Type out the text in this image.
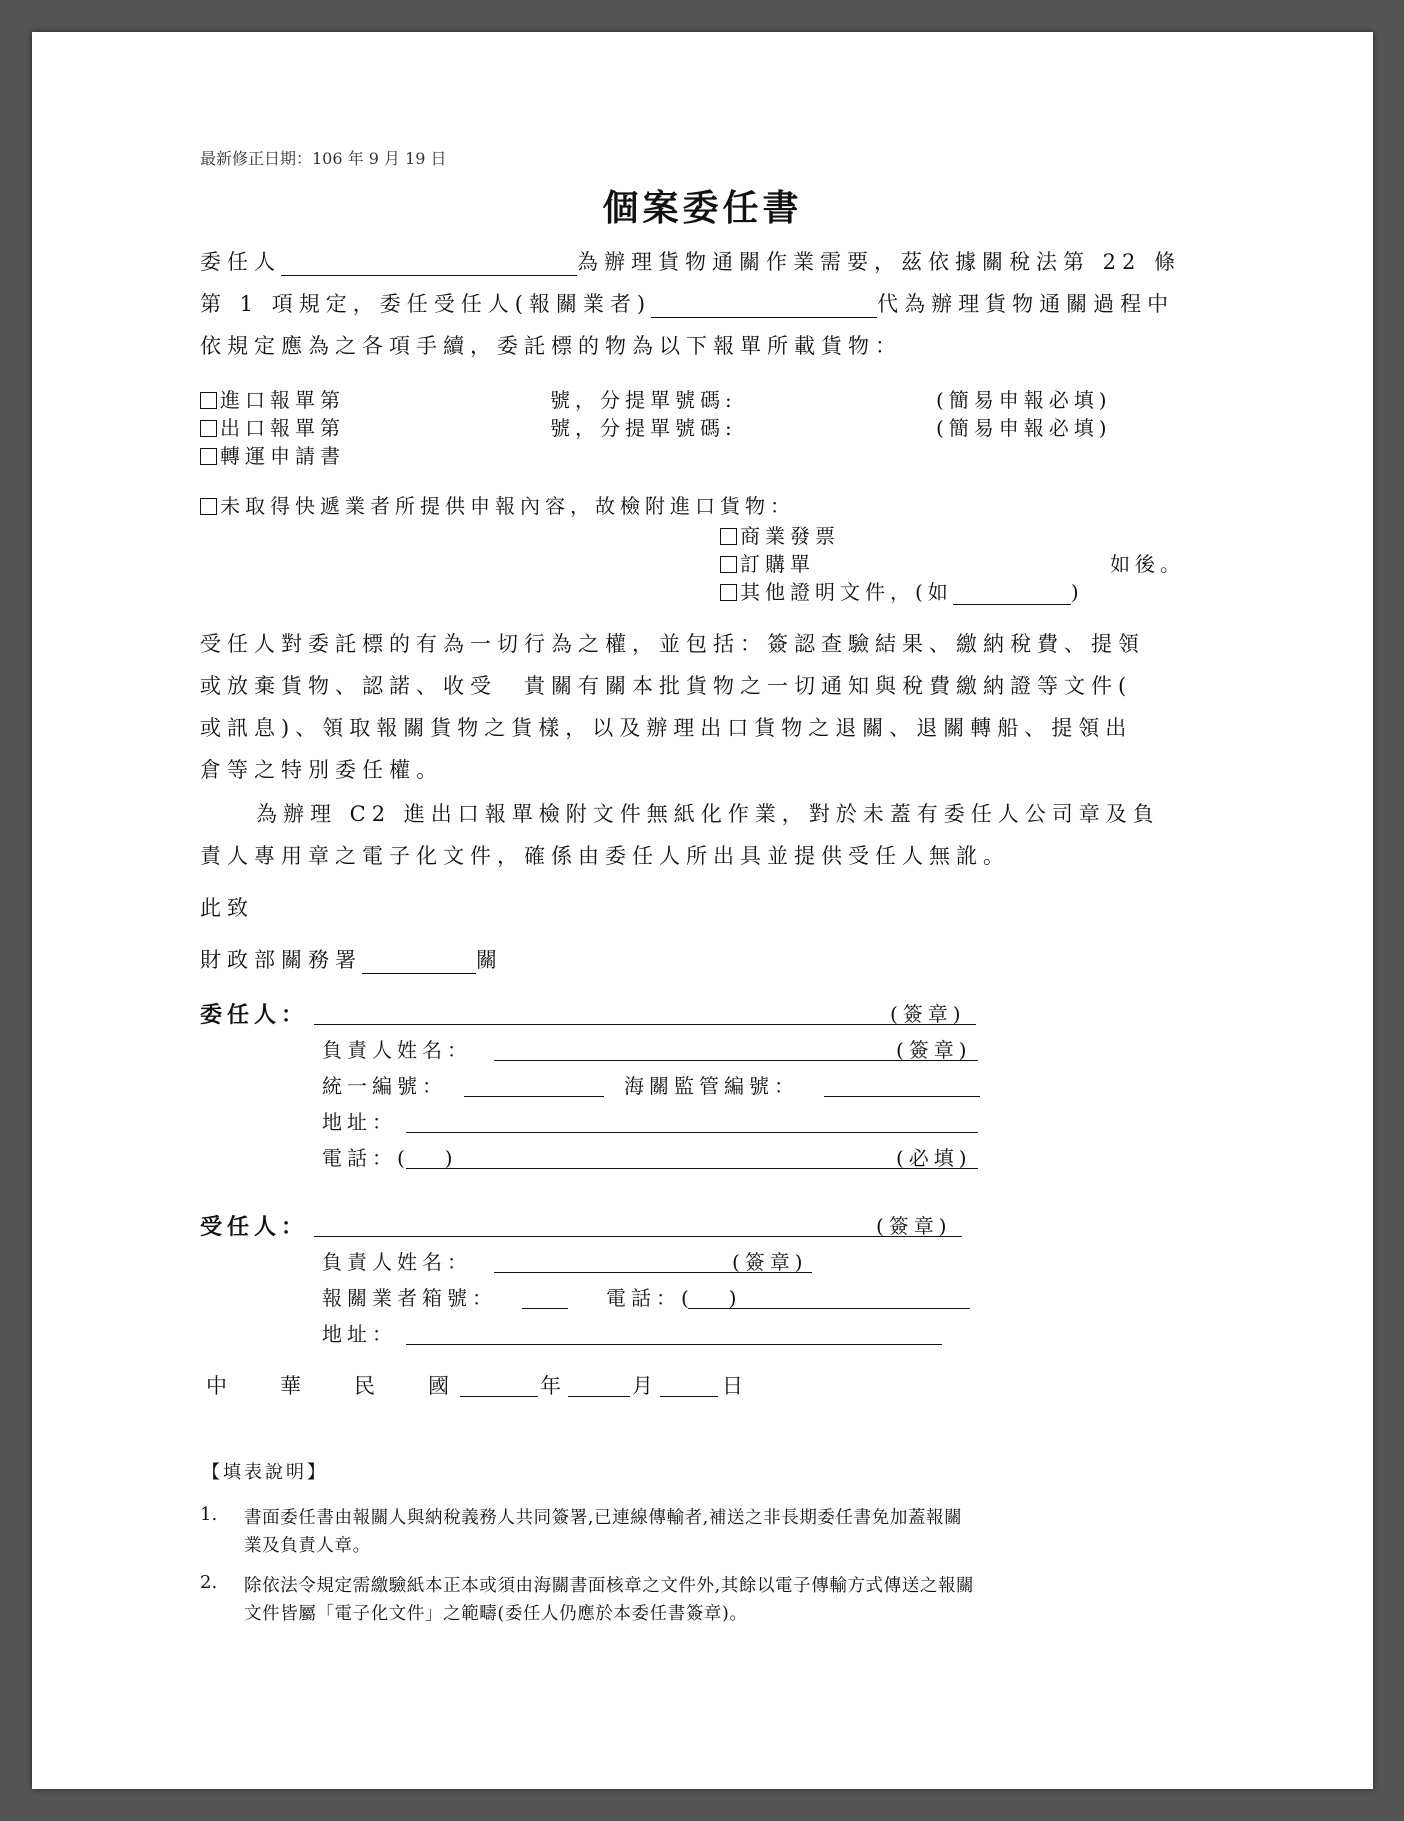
最新修正日期：106 年 9 月 19 日
個案委任書
委任人	為辦理貨物通關作業需要，茲依據關稅法第 22 條
第 1 項規定，委任受任人(報關業者)	代為辦理貨物通關過程中
依規定應為之各項手續，委託標的物為以下報單所載貨物：
進口報單第	號，分提單號碼:	(簡易申報必填)
出口報單第	號，分提單號碼:	(簡易申報必填)
轉運申請書
未取得快遞業者所提供申報內容，故檢附進口貨物：
商業發票
訂購單	如後。
其他證明文件，(如	)
受任人對委託標的有為一切行為之權，並包括：簽認查驗結果、繳納稅費、提領
或放棄貨物、認諾、收受　貴關有關本批貨物之一切通知與稅費繳納證等文件(
或訊息)、領取報關貨物之貨樣，以及辦理出口貨物之退關、退關轉船、提領出
倉等之特別委任權。
為辦理 C2 進出口報單檢附文件無紙化作業，對於未蓋有委任人公司章及負
責人專用章之電子化文件，確係由委任人所出具並提供受任人無訛。
此致
財政部關務署	關
委任人：	(簽章)
負責人姓名：	(簽章)
統一編號：	海關監管編號：
地址：
電話：(　　)	(必填)
受任人：	(簽章)
負責人姓名：	(簽章)
報關業者箱號：	電話：(　　)
地址：
中 華 民 國	年	月	日
【填表說明】
1. 書面委任書由報關人與納稅義務人共同簽署,已連線傳輸者,補送之非長期委任書免加蓋報關
業及負責人章。
2. 除依法令規定需繳驗紙本正本或須由海關書面核章之文件外,其餘以電子傳輸方式傳送之報關
文件皆屬「電子化文件」之範疇(委任人仍應於本委任書簽章)。
